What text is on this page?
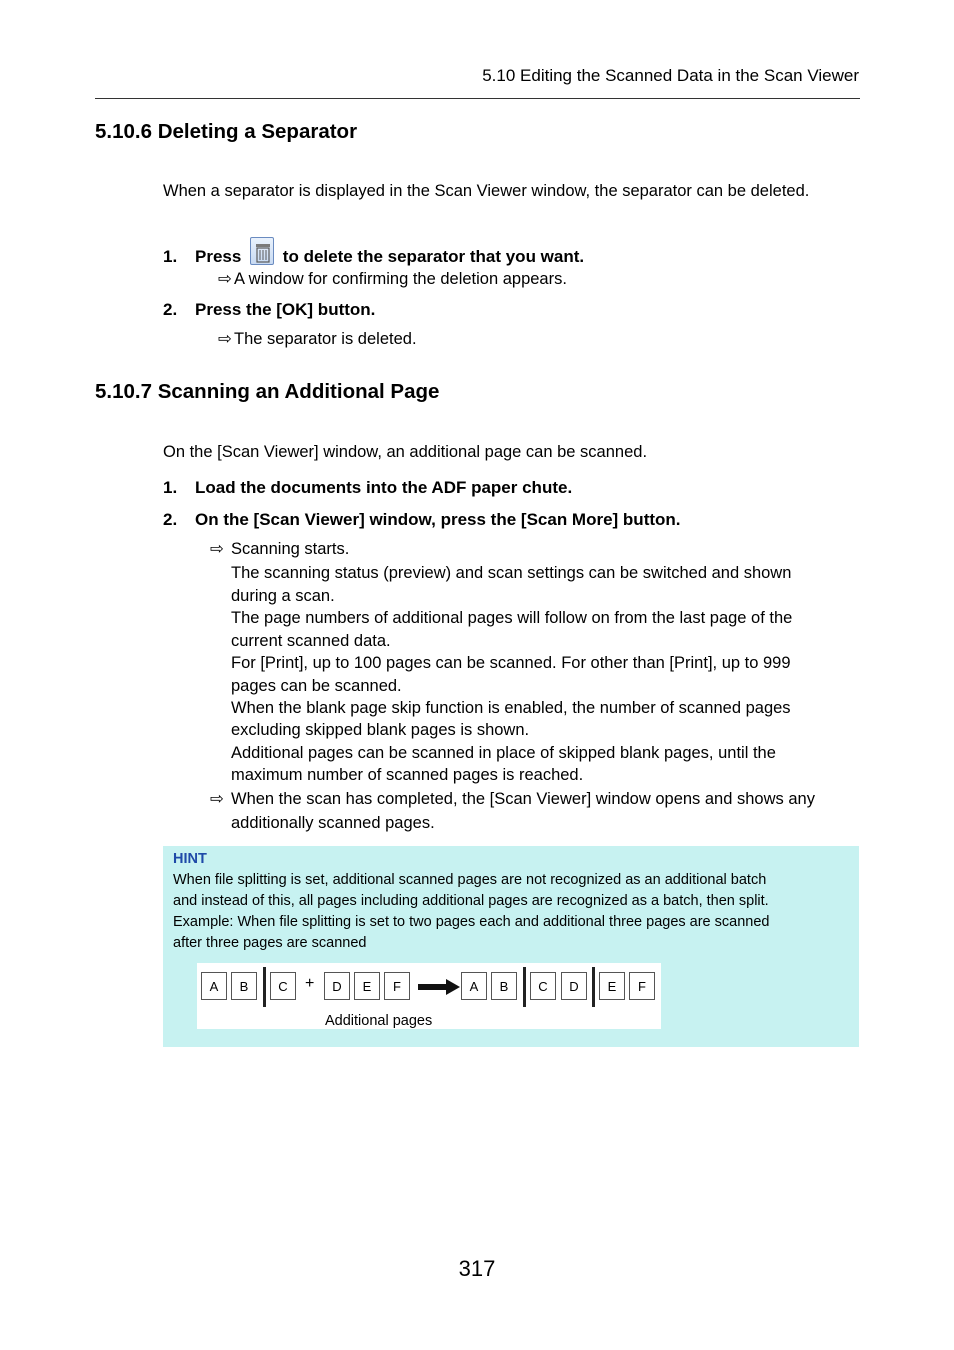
5.10 Editing the Scanned Data in the Scan Viewer
5.10.6 Deleting a Separator
When a separator is displayed in the Scan Viewer window, the separator can be deleted.
1. Press to delete the separator that you want.
⇨ A window for confirming the deletion appears.
2. Press the [OK] button.
⇨ The separator is deleted.
5.10.7 Scanning an Additional Page
On the [Scan Viewer] window, an additional page can be scanned.
1. Load the documents into the ADF paper chute.
2. On the [Scan Viewer] window, press the [Scan More] button.
⇨ Scanning starts.
The scanning status (preview) and scan settings can be switched and shown
during a scan.
The page numbers of additional pages will follow on from the last page of the
current scanned data.
For [Print], up to 100 pages can be scanned. For other than [Print], up to 999
pages can be scanned.
When the blank page skip function is enabled, the number of scanned pages
excluding skipped blank pages is shown.
Additional pages can be scanned in place of skipped blank pages, until the
maximum number of scanned pages is reached.
⇨ When the scan has completed, the [Scan Viewer] window opens and shows any
additionally scanned pages.
HINT
When file splitting is set, additional scanned pages are not recognized as an additional batch
and instead of this, all pages including additional pages are recognized as a batch, then split.
Example: When file splitting is set to two pages each and additional three pages are scanned
after three pages are scanned
A	B	C	+	D	E	F	A	B	C	D	E	F
Additional pages
317
